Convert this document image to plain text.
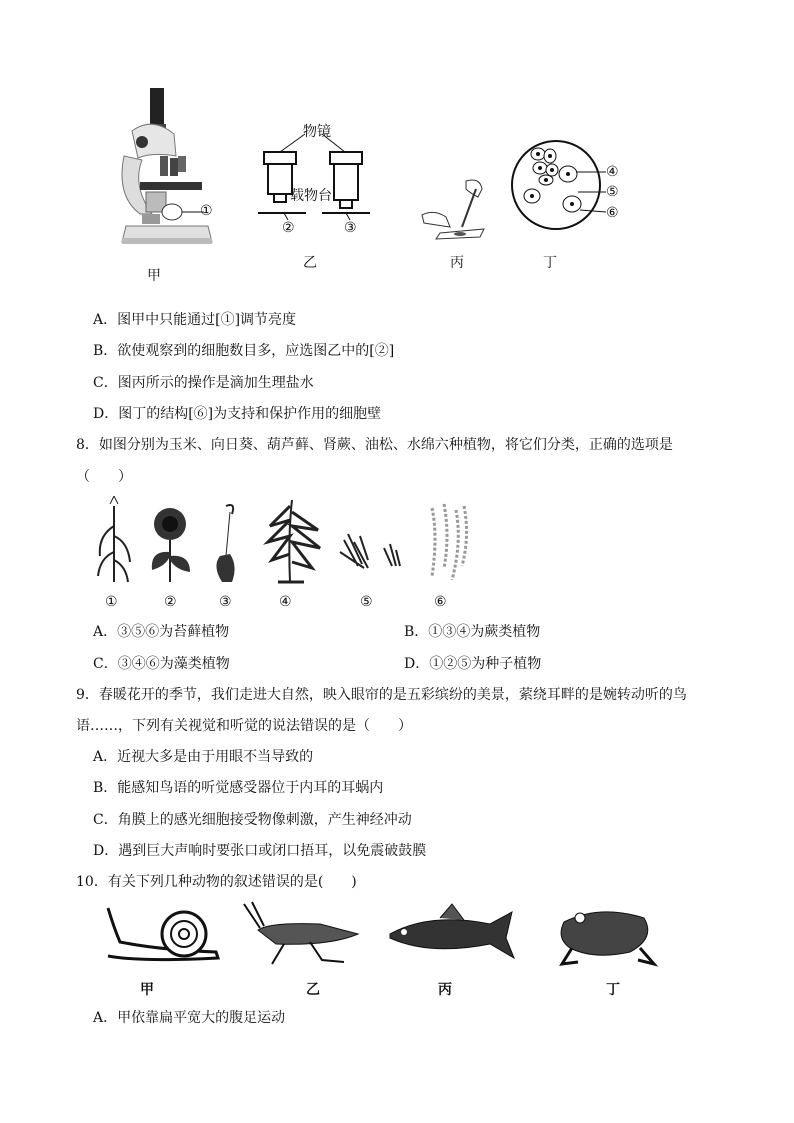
①
物镜
载物台
②	③
④
⑤
⑥
甲
乙	丙	丁
A．图甲中只能通过[①]调节亮度
B．欲使观察到的细胞数目多，应选图乙中的[②]
C．图丙所示的操作是滴加生理盐水
D．图丁的结构[⑥]为支持和保护作用的细胞壁
8．如图分别为玉米、向日葵、葫芦藓、肾蕨、油松、水绵六种植物，将它们分类，正确的选项是
（　　）
①	②	③	④	⑤	⑥
A．③⑤⑥为苔藓植物	B．①③④为蕨类植物
C．③④⑥为藻类植物	D．①②⑤为种子植物
9．春暖花开的季节，我们走进大自然，映入眼帘的是五彩缤纷的美景，萦绕耳畔的是婉转动听的鸟
语……，下列有关视觉和听觉的说法错误的是（　　）
A．近视大多是由于用眼不当导致的
B．能感知鸟语的听觉感受器位于内耳的耳蜗内
C．角膜上的感光细胞接受物像刺激，产生神经冲动
D．遇到巨大声响时要张口或闭口捂耳，以免震破鼓膜
10．有关下列几种动物的叙述错误的是(　　)
甲	乙	丙	丁
A．甲依靠扁平宽大的腹足运动
